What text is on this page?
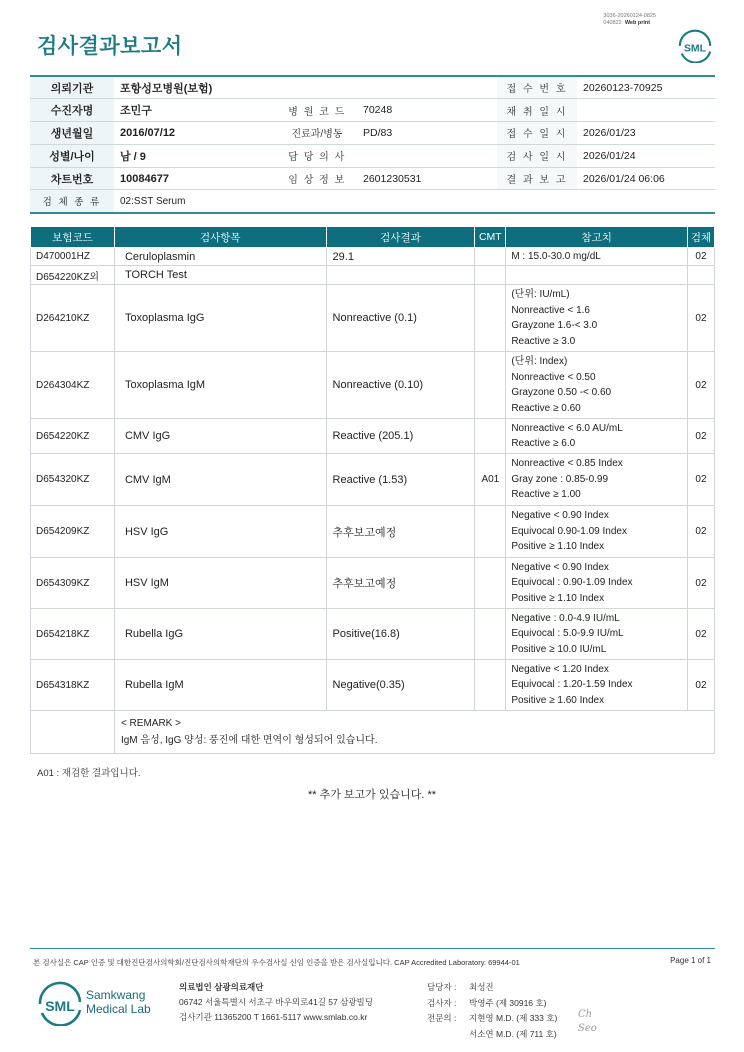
3036-20260124-0825
040822 Web print
검사결과보고서	SML
의뢰기관	포항성모병원(보험)			접 수 번 호	20260123-70925
수진자명	조민구	병 원 코 드	70248	채 취 일 시	
생년월일	2016/07/12	진료과/병동	PD/83	접 수 일 시	2026/01/23
성별/나이	남 / 9	담 당 의 사		검 사 일 시	2026/01/24
차트번호	10084677	임 상 정 보	2601230531	결 과 보 고	2026/01/24 06:06
검 체 종 류	02:SST Serum				
보험코드	검사항목	검사결과	CMT	참고치	검체
D470001HZ	Ceruloplasmin	29.1		M : 15.0-30.0 mg/dL	02
D654220KZ외	TORCH Test				
D264210KZ	Toxoplasma IgG	Nonreactive (0.1)		(단위: IU/mL)
Nonreactive < 1.6
Grayzone 1.6-< 3.0
Reactive ≥ 3.0	02
D264304KZ	Toxoplasma IgM	Nonreactive (0.10)		(단위: Index)
Nonreactive < 0.50
Grayzone 0.50 -< 0.60
Reactive ≥ 0.60	02
D654220KZ	CMV IgG	Reactive (205.1)		Nonreactive < 6.0 AU/mL
Reactive ≥ 6.0	02
D654320KZ	CMV IgM	Reactive (1.53)	A01	Nonreactive < 0.85 Index
Gray zone : 0.85-0.99
Reactive ≥ 1.00	02
D654209KZ	HSV IgG	추후보고예정		Negative < 0.90 Index
Equivocal 0.90-1.09 Index
Positive ≥ 1.10 Index	02
D654309KZ	HSV IgM	추후보고예정		Negative < 0.90 Index
Equivocal : 0.90-1.09 Index
Positive ≥ 1.10 Index	02
D654218KZ	Rubella IgG	Positive(16.8)		Negative : 0.0-4.9 IU/mL
Equivocal : 5.0-9.9 IU/mL
Positive ≥ 10.0 IU/mL	02
D654318KZ	Rubella IgM	Negative(0.35)		Negative < 1.20 Index
Equivocal : 1.20-1.59 Index
Positive ≥ 1.60 Index	02

	< REMARK >
IgM 음성, IgG 양성: 풍진에 대한 면역이 형성되어 있습니다.				
A01 : 재검한 결과입니다.
** 추가 보고가 있습니다. **
본 검사실은 CAP 인증 및 대한진단검사의학회/진단검사의학재단의 우수검사실 신임 인증을 받은 검사실입니다. CAP Accredited Laboratory. 69944-01	Page 1 of 1
SML
Samkwang
Medical Lab
의료법인 삼광의료재단
06742 서울특별시 서초구 바우뫼로41길 57 삼광빌딩
검사기관 11365200 T 1661-5117 www.smlab.co.kr
담당자 :	최성진
검사자 :	박영주 (제 30916 호)
전문의 :	지현영 M.D. (제 333 호)
서소연 M.D. (제 711 호)
Ch
Seo
